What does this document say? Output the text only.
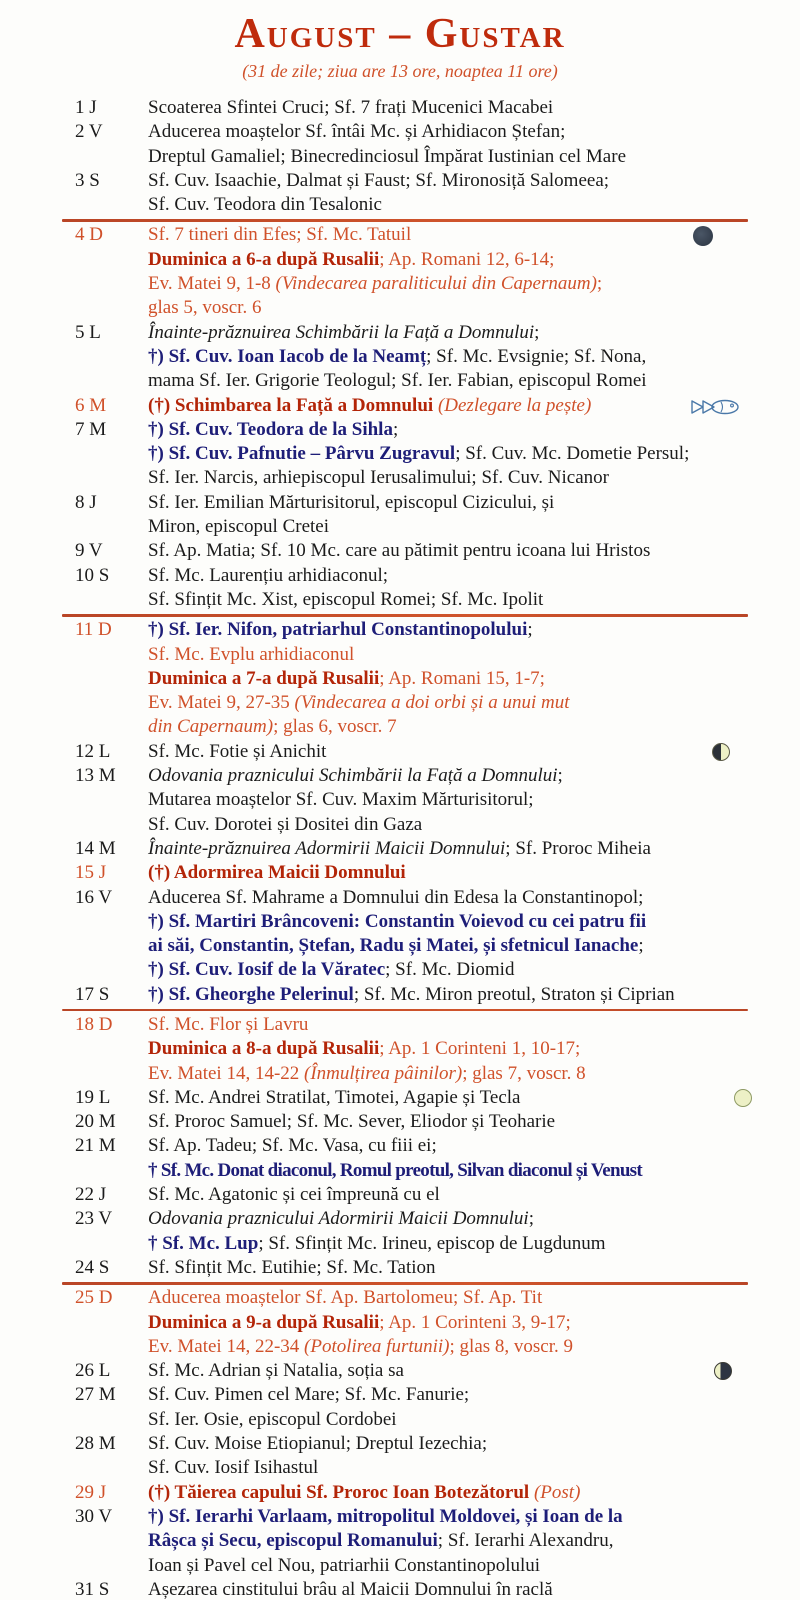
August – Gustar
(31 de zile; ziua are 13 ore, noaptea 11 ore)
1 J	Scoaterea Sfintei Cruci; Sf. 7 frați Mucenici Macabei
2 V	Aducerea moaștelor Sf. întâi Mc. și Arhidiacon Ștefan;
Dreptul Gamaliel; Binecredinciosul Împărat Iustinian cel Mare
3 S	Sf. Cuv. Isaachie, Dalmat și Faust; Sf. Mironosiță Salomeea;
Sf. Cuv. Teodora din Tesalonic
4 D	Sf. 7 tineri din Efes; Sf. Mc. Tatuil
Duminica a 6-a după Rusalii; Ap. Romani 12, 6-14;
Ev. Matei 9, 1-8 (Vindecarea paraliticului din Capernaum);
glas 5, voscr. 6
5 L	Înainte-prăznuirea Schimbării la Față a Domnului;
†) Sf. Cuv. Ioan Iacob de la Neamț; Sf. Mc. Evsignie; Sf. Nona,
mama Sf. Ier. Grigorie Teologul; Sf. Ier. Fabian, episcopul Romei
6 M	(†) Schimbarea la Față a Domnului (Dezlegare la pește)
7 M	†) Sf. Cuv. Teodora de la Sihla;
†) Sf. Cuv. Pafnutie – Pârvu Zugravul; Sf. Cuv. Mc. Dometie Persul;
Sf. Ier. Narcis, arhiepiscopul Ierusalimului; Sf. Cuv. Nicanor
8 J	Sf. Ier. Emilian Mărturisitorul, episcopul Cizicului, și
Miron, episcopul Cretei
9 V	Sf. Ap. Matia; Sf. 10 Mc. care au pătimit pentru icoana lui Hristos
10 S	Sf. Mc. Laurențiu arhidiaconul;
Sf. Sfințit Mc. Xist, episcopul Romei; Sf. Mc. Ipolit
11 D	†) Sf. Ier. Nifon, patriarhul Constantinopolului;
Sf. Mc. Evplu arhidiaconul
Duminica a 7-a după Rusalii; Ap. Romani 15, 1-7;
Ev. Matei 9, 27-35 (Vindecarea a doi orbi și a unui mut
din Capernaum); glas 6, voscr. 7
12 L	Sf. Mc. Fotie și Anichit
13 M	Odovania praznicului Schimbării la Față a Domnului;
Mutarea moaștelor Sf. Cuv. Maxim Mărturisitorul;
Sf. Cuv. Dorotei și Dositei din Gaza
14 M	Înainte-prăznuirea Adormirii Maicii Domnului; Sf. Proroc Miheia
15 J	(†) Adormirea Maicii Domnului
16 V	Aducerea Sf. Mahrame a Domnului din Edesa la Constantinopol;
†) Sf. Martiri Brâncoveni: Constantin Voievod cu cei patru fii
ai săi, Constantin, Ștefan, Radu și Matei, și sfetnicul Ianache;
†) Sf. Cuv. Iosif de la Văratec; Sf. Mc. Diomid
17 S	†) Sf. Gheorghe Pelerinul; Sf. Mc. Miron preotul, Straton și Ciprian
18 D	Sf. Mc. Flor și Lavru
Duminica a 8-a după Rusalii; Ap. 1 Corinteni 1, 10-17;
Ev. Matei 14, 14-22 (Înmulțirea pâinilor); glas 7, voscr. 8
19 L	Sf. Mc. Andrei Stratilat, Timotei, Agapie și Tecla
20 M	Sf. Proroc Samuel; Sf. Mc. Sever, Eliodor și Teoharie
21 M	Sf. Ap. Tadeu; Sf. Mc. Vasa, cu fiii ei;
† Sf. Mc. Donat diaconul, Romul preotul, Silvan diaconul și Venust
22 J	Sf. Mc. Agatonic și cei împreună cu el
23 V	Odovania praznicului Adormirii Maicii Domnului;
† Sf. Mc. Lup; Sf. Sfințit Mc. Irineu, episcop de Lugdunum
24 S	Sf. Sfințit Mc. Eutihie; Sf. Mc. Tation
25 D	Aducerea moaștelor Sf. Ap. Bartolomeu; Sf. Ap. Tit
Duminica a 9-a după Rusalii; Ap. 1 Corinteni 3, 9-17;
Ev. Matei 14, 22-34 (Potolirea furtunii); glas 8, voscr. 9
26 L	Sf. Mc. Adrian și Natalia, soția sa
27 M	Sf. Cuv. Pimen cel Mare; Sf. Mc. Fanurie;
Sf. Ier. Osie, episcopul Cordobei
28 M	Sf. Cuv. Moise Etiopianul; Dreptul Iezechia;
Sf. Cuv. Iosif Isihastul
29 J	(†) Tăierea capului Sf. Proroc Ioan Botezătorul (Post)
30 V	†) Sf. Ierarhi Varlaam, mitropolitul Moldovei, și Ioan de la
Râșca și Secu, episcopul Romanului; Sf. Ierarhi Alexandru,
Ioan și Pavel cel Nou, patriarhii Constantinopolului
31 S	Așezarea cinstitului brâu al Maicii Domnului în raclă
